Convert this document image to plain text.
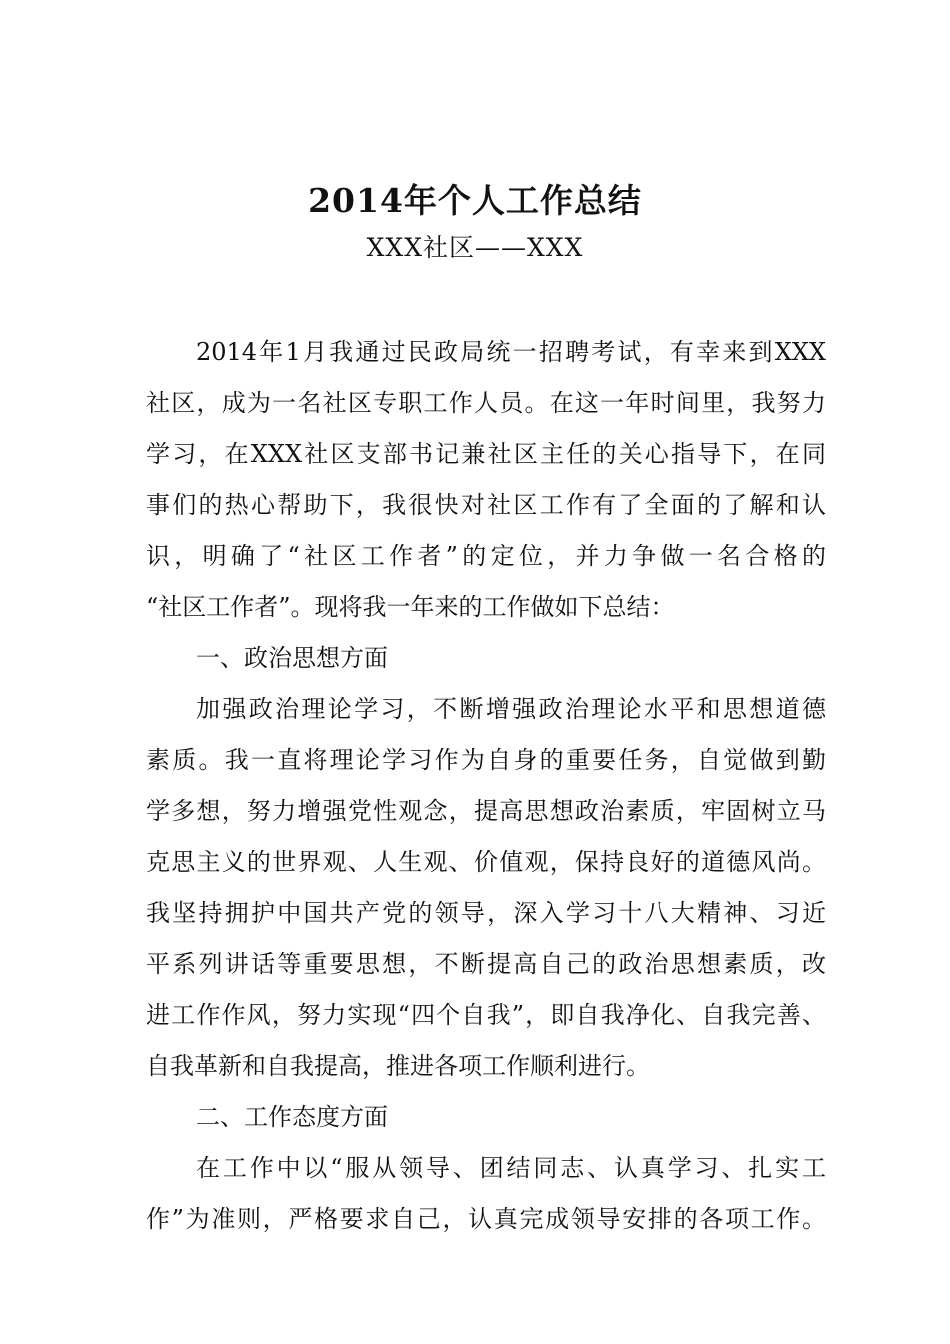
2014年个人工作总结
XXX社区——XXX
2014年1月我通过民政局统一招聘考试，有幸来到XXX
社区，成为一名社区专职工作人员。在这一年时间里，我努力
学习，在XXX社区支部书记兼社区主任的关心指导下，在同
事们的热心帮助下，我很快对社区工作有了全面的了解和认
识，明确了“社区工作者”的定位，并力争做一名合格的
“社区工作者”。现将我一年来的工作做如下总结：
一、政治思想方面
加强政治理论学习，不断增强政治理论水平和思想道德
素质。我一直将理论学习作为自身的重要任务，自觉做到勤
学多想，努力增强党性观念，提高思想政治素质，牢固树立马
克思主义的世界观、人生观、价值观，保持良好的道德风尚。
我坚持拥护中国共产党的领导，深入学习十八大精神、习近
平系列讲话等重要思想，不断提高自己的政治思想素质，改
进工作作风，努力实现“四个自我”，即自我净化、自我完善、
自我革新和自我提高，推进各项工作顺利进行。
二、工作态度方面
在工作中以“服从领导、团结同志、认真学习、扎实工
作”为准则，严格要求自己，认真完成领导安排的各项工作。
